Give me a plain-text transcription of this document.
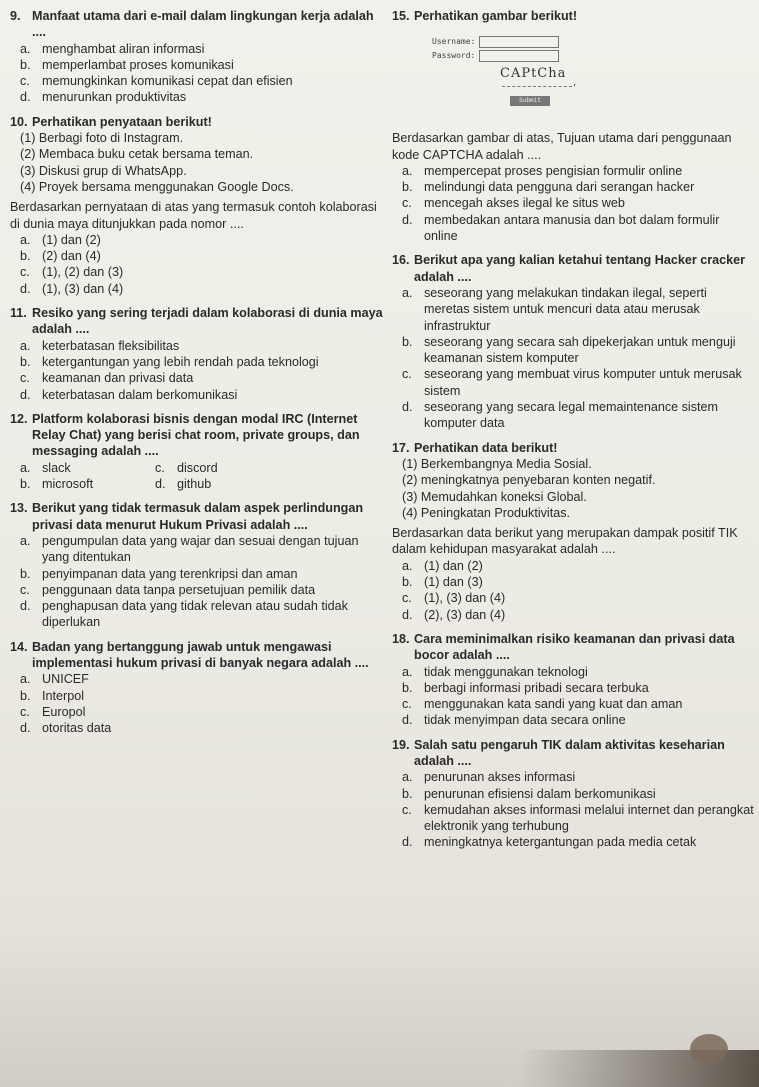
9. Manfaat utama dari e-mail dalam lingkungan kerja adalah ....
a. menghambat aliran informasi
b. memperlambat proses komunikasi
c. memungkinkan komunikasi cepat dan efisien
d. menurunkan produktivitas
10. Perhatikan penyataan berikut!
(1) Berbagi foto di Instagram.
(2) Membaca buku cetak bersama teman.
(3) Diskusi grup di WhatsApp.
(4) Proyek bersama menggunakan Google Docs.
Berdasarkan pernyataan di atas yang termasuk contoh kolaborasi di dunia maya ditunjukkan pada nomor ....
a. (1) dan (2)
b. (2) dan (4)
c. (1), (2) dan (3)
d. (1), (3) dan (4)
11. Resiko yang sering terjadi dalam kolaborasi di dunia maya adalah ....
a. keterbatasan fleksibilitas
b. ketergantungan yang lebih rendah pada teknologi
c. keamanan dan privasi data
d. keterbatasan dalam berkomunikasi
12. Platform kolaborasi bisnis dengan modal IRC (Internet Relay Chat) yang berisi chat room, private groups, dan messaging adalah ....
a. slack	c. discord
b. microsoft	d. github
13. Berikut yang tidak termasuk dalam aspek perlindungan privasi data menurut Hukum Privasi adalah ....
a. pengumpulan data yang wajar dan sesuai dengan tujuan yang ditentukan
b. penyimpanan data yang terenkripsi dan aman
c. penggunaan data tanpa persetujuan pemilik data
d. penghapusan data yang tidak relevan atau sudah tidak diperlukan
14. Badan yang bertanggung jawab untuk mengawasi implementasi hukum privasi di banyak negara adalah ....
a. UNICEF
b. Interpol
c. Europol
d. otoritas data
15. Perhatikan gambar berikut!
Username:
Password:
CAPtCha
’
Submit
Berdasarkan gambar di atas, Tujuan utama dari penggunaan kode CAPTCHA adalah ....
a. mempercepat proses pengisian formulir online
b. melindungi data pengguna dari serangan hacker
c. mencegah akses ilegal ke situs web
d. membedakan antara manusia dan bot dalam formulir online
16. Berikut apa yang kalian ketahui tentang Hacker cracker adalah ....
a. seseorang yang melakukan tindakan ilegal, seperti meretas sistem untuk mencuri data atau merusak infrastruktur
b. seseorang yang secara sah dipekerjakan untuk menguji keamanan sistem komputer
c. seseorang yang membuat virus komputer untuk merusak sistem
d. seseorang yang secara legal memaintenance sistem komputer data
17. Perhatikan data berikut!
(1) Berkembangnya Media Sosial.
(2) meningkatnya penyebaran konten negatif.
(3) Memudahkan koneksi Global.
(4) Peningkatan Produktivitas.
Berdasarkan data berikut yang merupakan dampak positif TIK dalam kehidupan masyarakat adalah ....
a. (1) dan (2)
b. (1) dan (3)
c. (1), (3) dan (4)
d. (2), (3) dan (4)
18. Cara meminimalkan risiko keamanan dan privasi data bocor adalah ....
a. tidak menggunakan teknologi
b. berbagi informasi pribadi secara terbuka
c. menggunakan kata sandi yang kuat dan aman
d. tidak menyimpan data secara online
19. Salah satu pengaruh TIK dalam aktivitas keseharian adalah ....
a. penurunan akses informasi
b. penurunan efisiensi dalam berkomunikasi
c. kemudahan akses informasi melalui internet dan perangkat elektronik yang terhubung
d. meningkatnya ketergantungan pada media cetak
